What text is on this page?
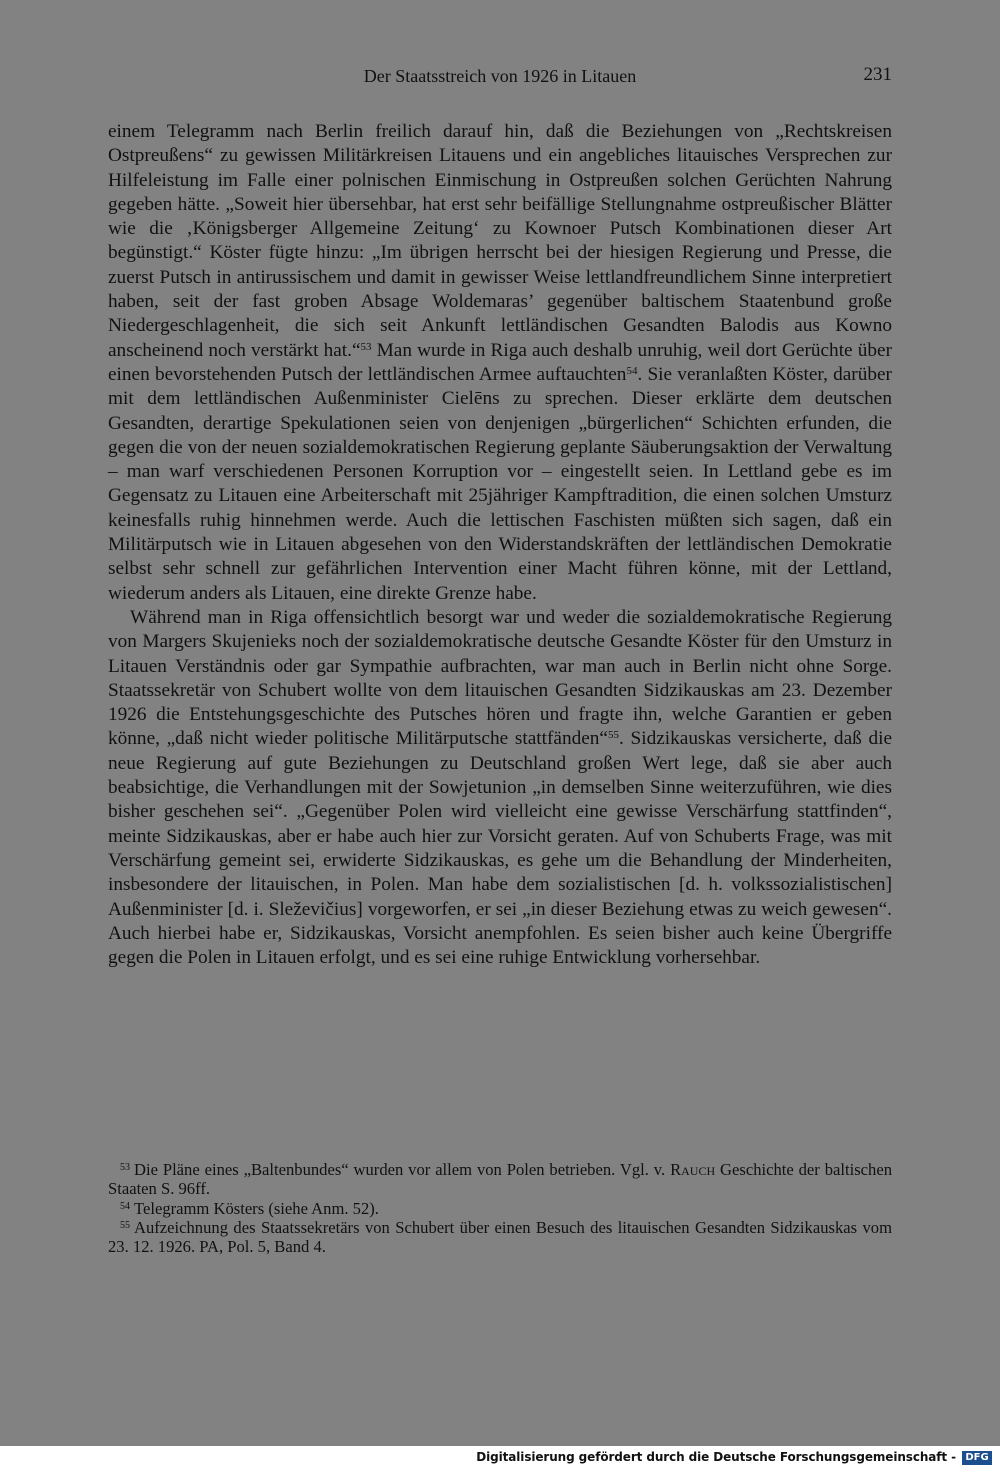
Der Staatsstreich von 1926 in Litauen	231

einem Telegramm nach Berlin freilich darauf hin, daß die Beziehungen von „Rechtskreisen Ostpreußens“ zu gewissen Militärkreisen Litauens und ein angebliches litauisches Versprechen zur Hilfeleistung im Falle einer polnischen Einmischung in Ostpreußen solchen Gerüchten Nahrung gegeben hätte. „Soweit hier übersehbar, hat erst sehr beifällige Stellungnahme ostpreußischer Blätter wie die ‚Königsberger Allgemeine Zeitung‘ zu Kownoer Putsch Kombinationen dieser Art begünstigt.“ Köster fügte hinzu: „Im übrigen herrscht bei der hiesigen Regierung und Presse, die zuerst Putsch in antirussischem und damit in gewisser Weise lettlandfreundlichem Sinne interpretiert haben, seit der fast groben Absage Woldemaras’ gegenüber baltischem Staatenbund große Niedergeschlagenheit, die sich seit Ankunft lettländischen Gesandten Balodis aus Kowno anscheinend noch verstärkt hat.“$^{53}$ Man wurde in Riga auch deshalb unruhig, weil dort Gerüchte über einen bevorstehenden Putsch der lettländischen Armee auftauchten$^{54}$. Sie veranlaßten Köster, darüber mit dem lettländischen Außenminister Cielēns zu sprechen. Dieser erklärte dem deutschen Gesandten, derartige Spekulationen seien von denjenigen „bürgerlichen“ Schichten erfunden, die gegen die von der neuen sozialdemokratischen Regierung geplante Säuberungsaktion der Verwaltung – man warf verschiedenen Personen Korruption vor – eingestellt seien. In Lettland gebe es im Gegensatz zu Litauen eine Arbeiterschaft mit 25jähriger Kampftradition, die einen solchen Umsturz keinesfalls ruhig hinnehmen werde. Auch die lettischen Faschisten müßten sich sagen, daß ein Militärputsch wie in Litauen abgesehen von den Widerstandskräften der lettländischen Demokratie selbst sehr schnell zur gefährlichen Intervention einer Macht führen könne, mit der Lettland, wiederum anders als Litauen, eine direkte Grenze habe.

Während man in Riga offensichtlich besorgt war und weder die sozialdemokratische Regierung von Margers Skujenieks noch der sozialdemokratische deutsche Gesandte Köster für den Umsturz in Litauen Verständnis oder gar Sympathie aufbrachten, war man auch in Berlin nicht ohne Sorge. Staatssekretär von Schubert wollte von dem litauischen Gesandten Sidzikauskas am 23. Dezember 1926 die Entstehungsgeschichte des Putsches hören und fragte ihn, welche Garantien er geben könne, „daß nicht wieder politische Militärputsche stattfänden“$^{55}$. Sidzikauskas versicherte, daß die neue Regierung auf gute Beziehungen zu Deutschland großen Wert lege, daß sie aber auch beabsichtige, die Verhandlungen mit der Sowjetunion „in demselben Sinne weiterzuführen, wie dies bisher geschehen sei“. „Gegenüber Polen wird vielleicht eine gewisse Verschärfung stattfinden“, meinte Sidzikauskas, aber er habe auch hier zur Vorsicht geraten. Auf von Schuberts Frage, was mit Verschärfung gemeint sei, erwiderte Sidzikauskas, es gehe um die Behandlung der Minderheiten, insbesondere der litauischen, in Polen. Man habe dem sozialistischen [d. h. volkssozialistischen] Außenminister [d. i. Sleževičius] vorgeworfen, er sei „in dieser Beziehung etwas zu weich gewesen“. Auch hierbei habe er, Sidzikauskas, Vorsicht anempfohlen. Es seien bisher auch keine Übergriffe gegen die Polen in Litauen erfolgt, und es sei eine ruhige Entwicklung vorhersehbar.

$^{53}$ Die Pläne eines „Baltenbundes“ wurden vor allem von Polen betrieben. Vgl. v. Rauch Geschichte der baltischen Staaten S. 96ff.

$^{54}$ Telegramm Kösters (siehe Anm. 52).

$^{55}$ Aufzeichnung des Staatssekretärs von Schubert über einen Besuch des litauischen Gesandten Sidzikauskas vom 23. 12. 1926. PA, Pol. 5, Band 4.

Digitalisierung gefördert durch die Deutsche Forschungsgemeinschaft - DFG
